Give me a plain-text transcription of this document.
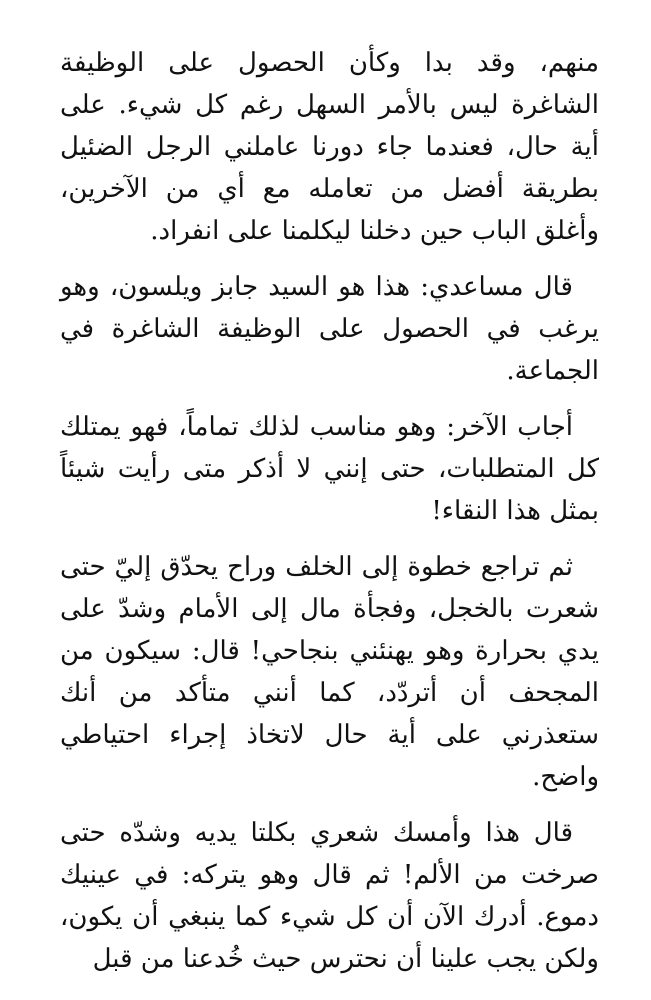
منهم، وقد بدا وكأن الحصول على الوظيفة الشاغرة ليس بالأمر السهل رغم كل شيء. على أية حال، فعندما جاء دورنا عاملني الرجل الضئيل بطريقة أفضل من تعامله مع أي من الآخرين، وأغلق الباب حين دخلنا ليكلمنا على انفراد.

قال مساعدي: هذا هو السيد جابز ويلسون، وهو يرغب في الحصول على الوظيفة الشاغرة في الجماعة.

أجاب الآخر: وهو مناسب لذلك تماماً، فهو يمتلك كل المتطلبات، حتى إنني لا أذكر متى رأيت شيئاً بمثل هذا النقاء!

ثم تراجع خطوة إلى الخلف وراح يحدّق إليّ حتى شعرت بالخجل، وفجأة مال إلى الأمام وشدّ على يدي بحرارة وهو يهنئني بنجاحي! قال: سيكون من المجحف أن أتردّد، كما أنني متأكد من أنك ستعذرني على أية حال لاتخاذ إجراء احتياطي واضح.

قال هذا وأمسك شعري بكلتا يديه وشدّه حتى صرخت من الألم! ثم قال وهو يتركه: في عينيك دموع. أدرك الآن أن كل شيء كما ينبغي أن يكون، ولكن يجب علينا أن نحترس حيث خُدعنا من قبل
